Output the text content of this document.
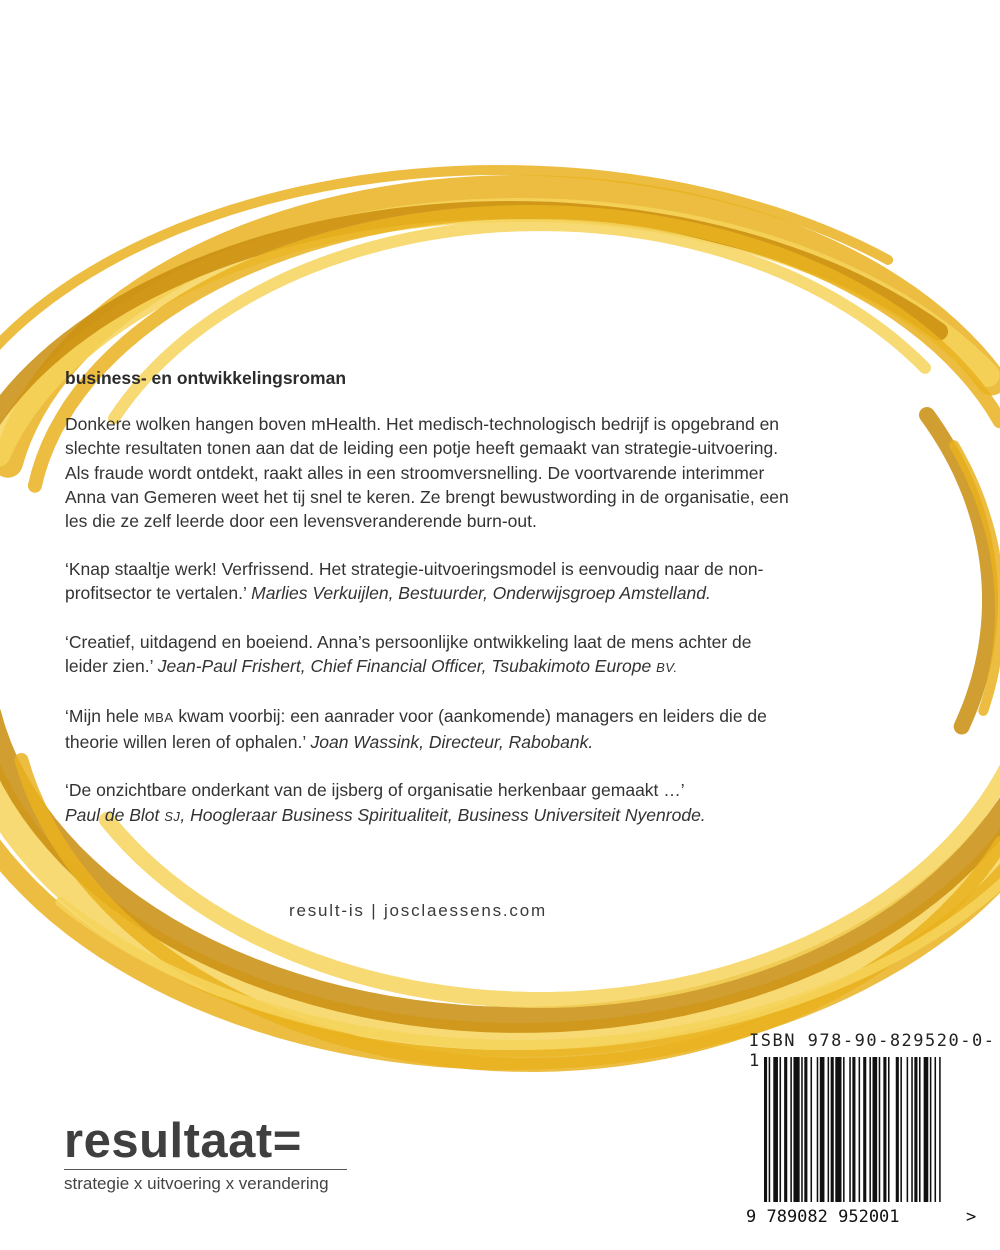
business- en ontwikkelingsroman

Donkere wolken hangen boven mHealth. Het medisch-technologisch bedrijf is opgebrand en slechte resultaten tonen aan dat de leiding een potje heeft gemaakt van strategie-uitvoering. Als fraude wordt ontdekt, raakt alles in een stroomversnelling. De voortvarende interimmer Anna van Gemeren weet het tij snel te keren. Ze brengt bewustwording in de organisatie, een les die ze zelf leerde door een levensveranderende burn-out.

‘Knap staaltje werk! Verfrissend. Het strategie-uitvoeringsmodel is eenvoudig naar de non-profitsector te vertalen.’ Marlies Verkuijlen, Bestuurder, Onderwijsgroep Amstelland.

‘Creatief, uitdagend en boeiend. Anna’s persoonlijke ontwikkeling laat de mens achter de leider zien.’ Jean-Paul Frishert, Chief Financial Officer, Tsubakimoto Europe BV.

‘Mijn hele MBA kwam voorbij: een aanrader voor (aankomende) managers en leiders die de theorie willen leren of ophalen.’ Joan Wassink, Directeur, Rabobank.

‘De onzichtbare onderkant van de ijsberg of organisatie herkenbaar gemaakt …’
Paul de Blot SJ, Hoogleraar Business Spiritualiteit, Business Universiteit Nyenrode.

result-is | josclaessens.com
resultaat=
strategie x uitvoering x verandering
ISBN 978-90-829520-0-1
9 789082 952001	>
